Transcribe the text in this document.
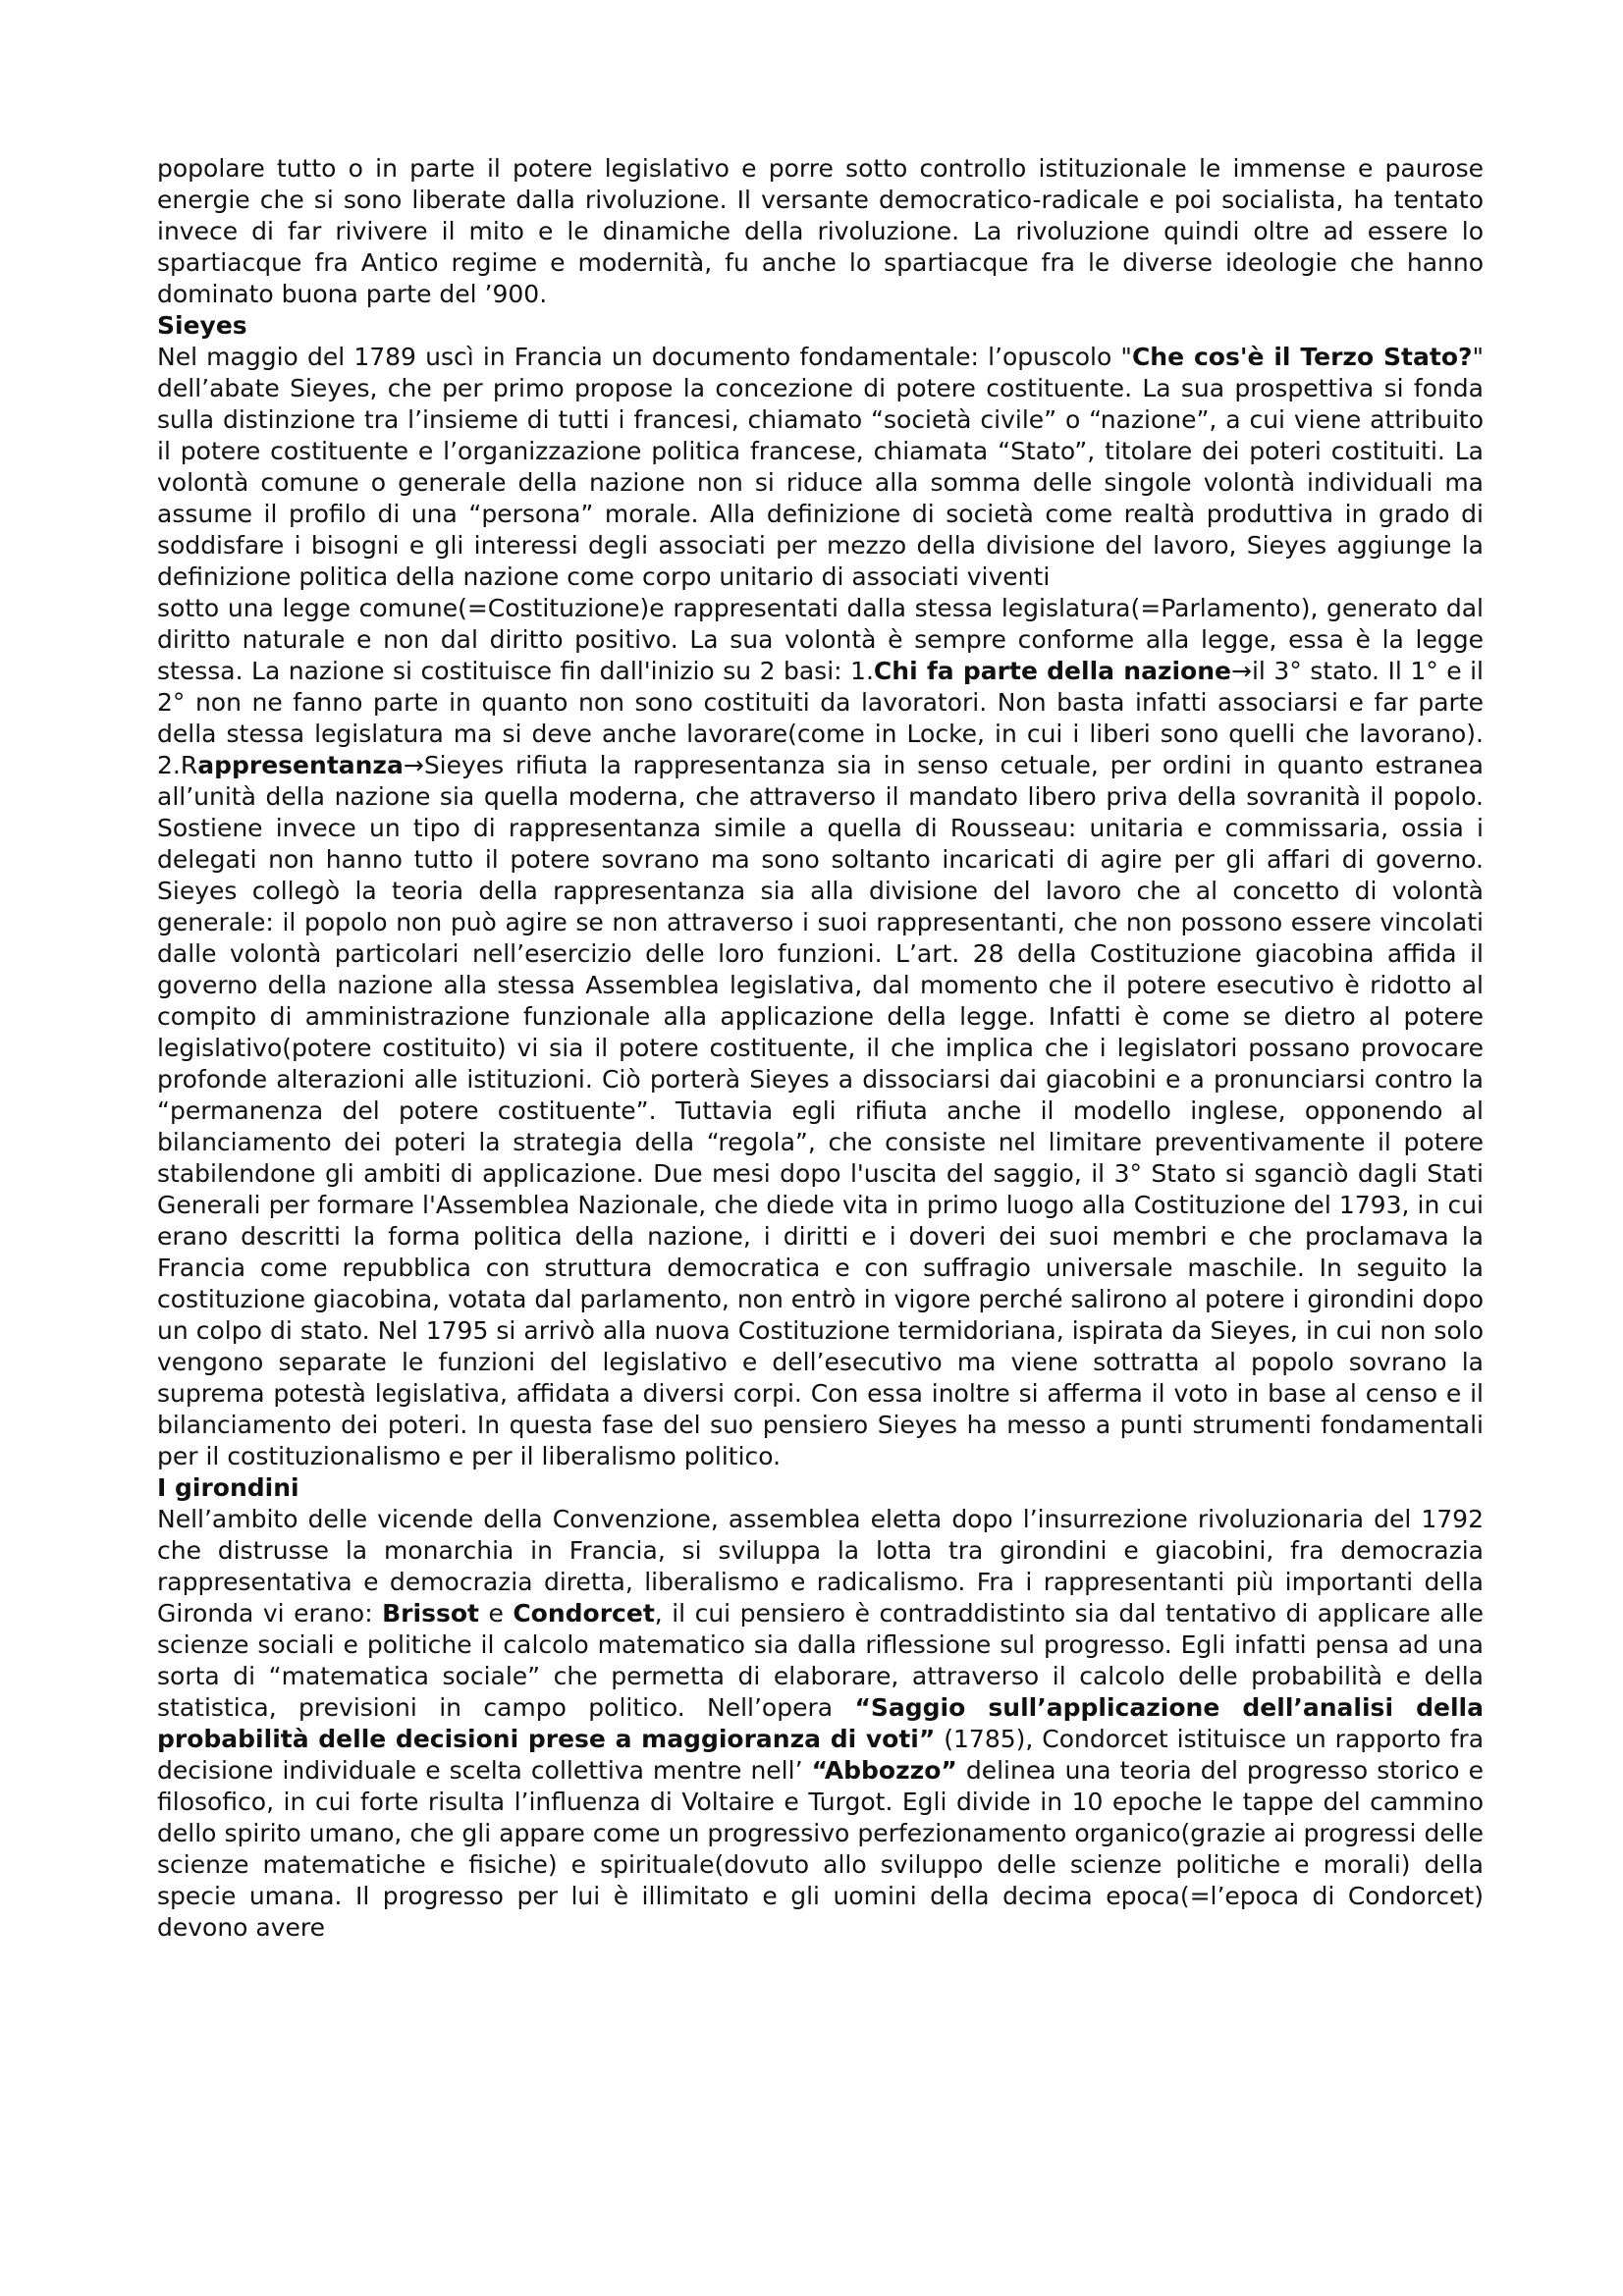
popolare tutto o in parte il potere legislativo e porre sotto controllo istituzionale le immense e paurose energie che si sono liberate dalla rivoluzione. Il versante democratico-radicale e poi socialista, ha tentato invece di far rivivere il mito e le dinamiche della rivoluzione. La rivoluzione quindi oltre ad essere lo spartiacque fra Antico regime e modernità, fu anche lo spartiacque fra le diverse ideologie che hanno dominato buona parte del ’900.

Sieyes

Nel maggio del 1789 uscì in Francia un documento fondamentale: l’opuscolo "Che cos'è il Terzo Stato?" dell’abate Sieyes, che per primo propose la concezione di potere costituente. La sua prospettiva si fonda sulla distinzione tra l’insieme di tutti i francesi, chiamato “società civile” o “nazione”, a cui viene attribuito il potere costituente e l’organizzazione politica francese, chiamata “Stato”, titolare dei poteri costituiti. La volontà comune o generale della nazione non si riduce alla somma delle singole volontà individuali ma assume il profilo di una “persona” morale. Alla definizione di società come realtà produttiva in grado di soddisfare i bisogni e gli interessi degli associati per mezzo della divisione del lavoro, Sieyes aggiunge la definizione politica della nazione come corpo unitario di associati viventi

sotto una legge comune(=Costituzione)e rappresentati dalla stessa legislatura(=Parlamento), generato dal diritto naturale e non dal diritto positivo. La sua volontà è sempre conforme alla legge, essa è la legge stessa. La nazione si costituisce fin dall'inizio su 2 basi: 1.Chi fa parte della nazione→il 3° stato. Il 1° e il 2° non ne fanno parte in quanto non sono costituiti da lavoratori. Non basta infatti associarsi e far parte della stessa legislatura ma si deve anche lavorare(come in Locke, in cui i liberi sono quelli che lavorano). 2.Rappresentanza→Sieyes rifiuta la rappresentanza sia in senso cetuale, per ordini in quanto estranea all’unità della nazione sia quella moderna, che attraverso il mandato libero priva della sovranità il popolo. Sostiene invece un tipo di rappresentanza simile a quella di Rousseau: unitaria e commissaria, ossia i delegati non hanno tutto il potere sovrano ma sono soltanto incaricati di agire per gli affari di governo. Sieyes collegò la teoria della rappresentanza sia alla divisione del lavoro che al concetto di volontà generale: il popolo non può agire se non attraverso i suoi rappresentanti, che non possono essere vincolati dalle volontà particolari nell’esercizio delle loro funzioni. L’art. 28 della Costituzione giacobina affida il governo della nazione alla stessa Assemblea legislativa, dal momento che il potere esecutivo è ridotto al compito di amministrazione funzionale alla applicazione della legge. Infatti è come se dietro al potere legislativo(potere costituito) vi sia il potere costituente, il che implica che i legislatori possano provocare profonde alterazioni alle istituzioni. Ciò porterà Sieyes a dissociarsi dai giacobini e a pronunciarsi contro la “permanenza del potere costituente”. Tuttavia egli rifiuta anche il modello inglese, opponendo al bilanciamento dei poteri la strategia della “regola”, che consiste nel limitare preventivamente il potere stabilendone gli ambiti di applicazione. Due mesi dopo l'uscita del saggio, il 3° Stato si sganciò dagli Stati Generali per formare l'Assemblea Nazionale, che diede vita in primo luogo alla Costituzione del 1793, in cui erano descritti la forma politica della nazione, i diritti e i doveri dei suoi membri e che proclamava la Francia come repubblica con struttura democratica e con suffragio universale maschile. In seguito la costituzione giacobina, votata dal parlamento, non entrò in vigore perché salirono al potere i girondini dopo un colpo di stato. Nel 1795 si arrivò alla nuova Costituzione termidoriana, ispirata da Sieyes, in cui non solo vengono separate le funzioni del legislativo e dell’esecutivo ma viene sottratta al popolo sovrano la suprema potestà legislativa, affidata a diversi corpi. Con essa inoltre si afferma il voto in base al censo e il bilanciamento dei poteri. In questa fase del suo pensiero Sieyes ha messo a punti strumenti fondamentali per il costituzionalismo e per il liberalismo politico.

I girondini

Nell’ambito delle vicende della Convenzione, assemblea eletta dopo l’insurrezione rivoluzionaria del 1792 che distrusse la monarchia in Francia, si sviluppa la lotta tra girondini e giacobini, fra democrazia rappresentativa e democrazia diretta, liberalismo e radicalismo. Fra i rappresentanti più importanti della Gironda vi erano: Brissot e Condorcet, il cui pensiero è contraddistinto sia dal tentativo di applicare alle scienze sociali e politiche il calcolo matematico sia dalla riflessione sul progresso. Egli infatti pensa ad una sorta di “matematica sociale” che permetta di elaborare, attraverso il calcolo delle probabilità e della statistica, previsioni in campo politico. Nell’opera “Saggio sull’applicazione dell’analisi della probabilità delle decisioni prese a maggioranza di voti” (1785), Condorcet istituisce un rapporto fra decisione individuale e scelta collettiva mentre nell’ “Abbozzo” delinea una teoria del progresso storico e filosofico, in cui forte risulta l’influenza di Voltaire e Turgot. Egli divide in 10 epoche le tappe del cammino dello spirito umano, che gli appare come un progressivo perfezionamento organico(grazie ai progressi delle scienze matematiche e fisiche) e spirituale(dovuto allo sviluppo delle scienze politiche e morali) della specie umana. Il progresso per lui è illimitato e gli uomini della decima epoca(=l’epoca di Condorcet) devono avere
